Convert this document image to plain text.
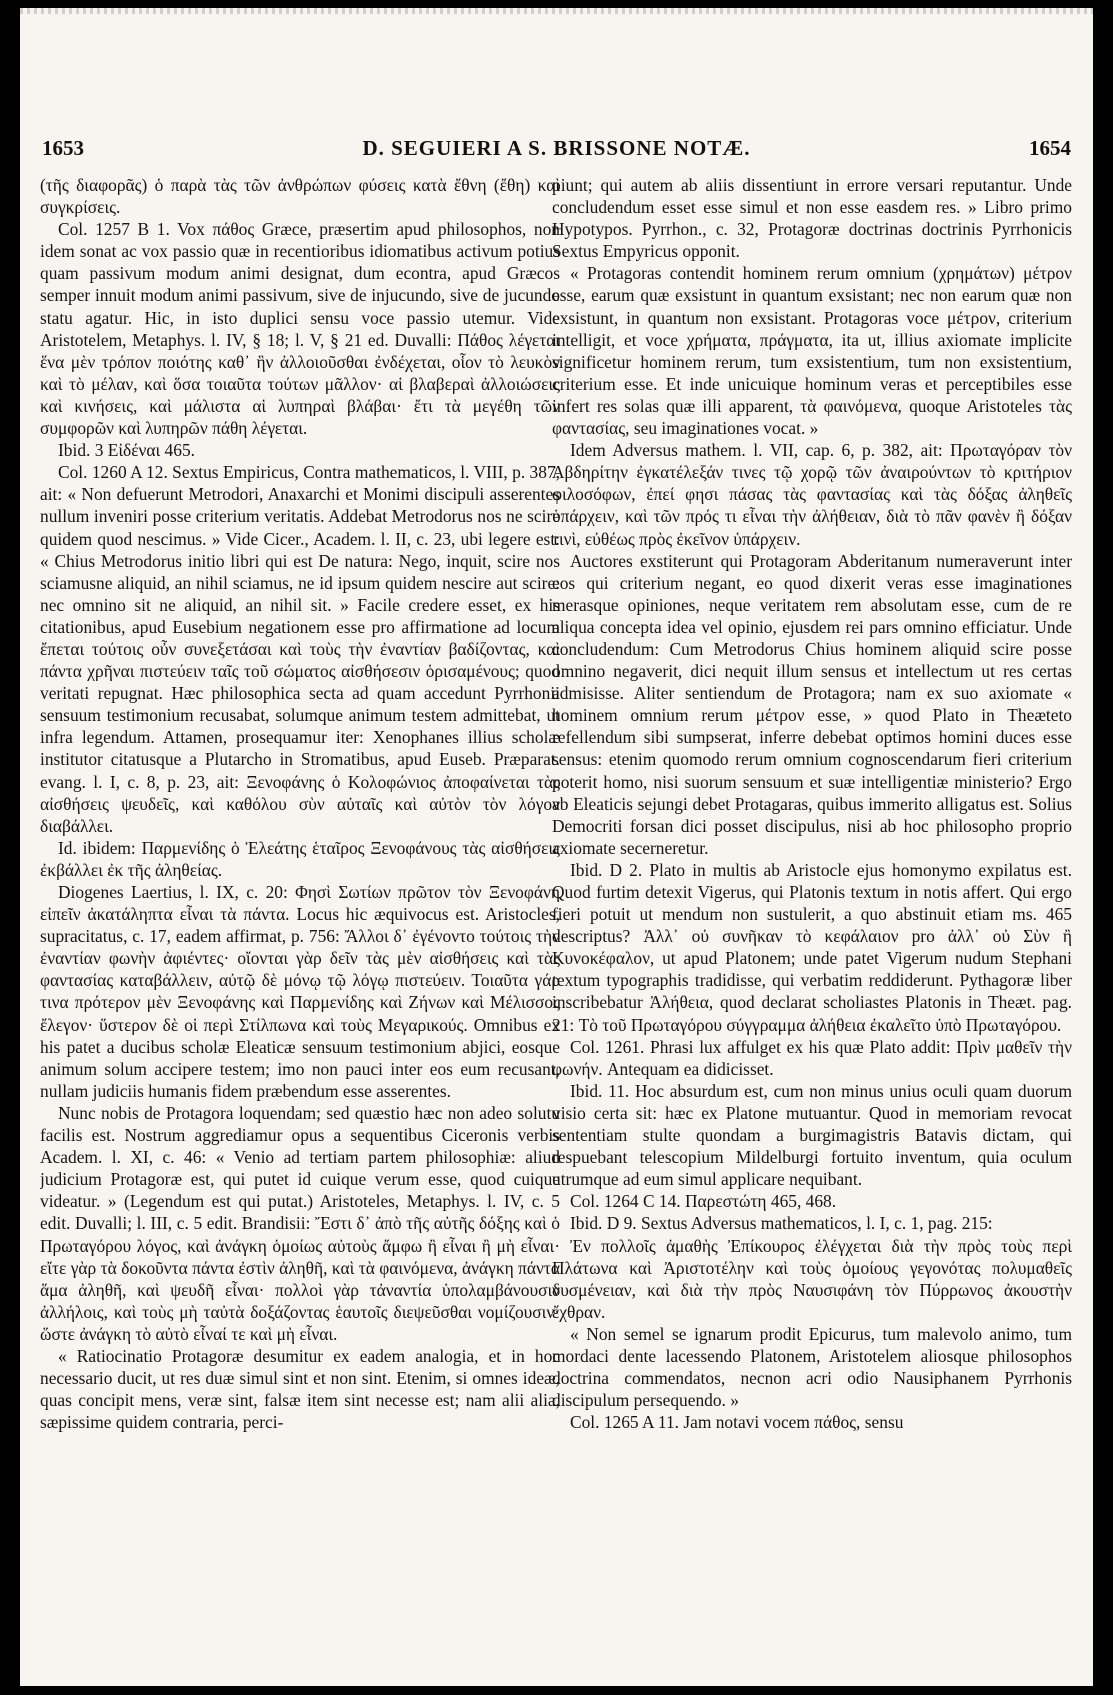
1653	D. SEGUIERI A S. BRISSONE NOTÆ.	1654

(τῆς διαφορᾶς) ὁ παρὰ τὰς τῶν ἀνθρώπων φύσεις κατὰ ἔθνη (ἔθη) καὶ συγκρίσεις.

Col. 1257 B 1. Vox πάθος Græce, præsertim apud philosophos, non idem sonat ac vox passio quæ in recentioribus idiomatibus activum potius quam passivum modum animi designat, dum econtra, apud Græcos semper innuit modum animi passivum, sive de injucundo, sive de jucundo statu agatur. Hic, in isto duplici sensu voce passio utemur. Vide Aristotelem, Metaphys. l. IV, § 18; l. V, § 21 ed. Duvalli: Πάθος λέγεται ἕνα μὲν τρόπον ποιότης καθ᾽ ἣν ἀλλοιοῦσθαι ἐνδέχεται, οἷον τὸ λευκὸν καὶ τὸ μέλαν, καὶ ὅσα τοιαῦτα τούτων μᾶλλον· αἱ βλαβεραὶ ἀλλοιώσεις καὶ κινήσεις, καὶ μάλιστα αἱ λυπηραὶ βλάβαι· ἔτι τὰ μεγέθη τῶν συμφορῶν καὶ λυπηρῶν πάθη λέγεται.

Ibid. 3 Εἰδέναι 465.

Col. 1260 A 12. Sextus Empiricus, Contra mathematicos, l. VIII, p. 387, ait: « Non defuerunt Metrodori, Anaxarchi et Monimi discipuli asserentes nullum inveniri posse criterium veritatis. Addebat Metrodorus nos ne scire quidem quod nescimus. » Vide Cicer., Academ. l. II, c. 23, ubi legere est: « Chius Metrodorus initio libri qui est De natura: Nego, inquit, scire nos sciamusne aliquid, an nihil sciamus, ne id ipsum quidem nescire aut scire: nec omnino sit ne aliquid, an nihil sit. » Facile credere esset, ex his citationibus, apud Eusebium negationem esse pro affirmatione ad locum ἔπεται τούτοις οὖν συνεξετάσαι καὶ τοὺς τὴν ἐναντίαν βαδίζοντας, καὶ πάντα χρῆναι πιστεύειν ταῖς τοῦ σώματος αἰσθήσεσιν ὁρισαμένους; quod veritati repugnat. Hæc philosophica secta ad quam accedunt Pyrrhonii sensuum testimonium recusabat, solumque animum testem admittebat, ut infra legendum. Attamen, prosequamur iter: Xenophanes illius scholæ institutor citatusque a Plutarcho in Stromatibus, apud Euseb. Præparat. evang. l. I, c. 8, p. 23, ait: Ξενοφάνης ὁ Κολοφώνιος ἀποφαίνεται τὰς αἰσθήσεις ψευδεῖς, καὶ καθόλου σὺν αὐταῖς καὶ αὐτὸν τὸν λόγον διαβάλλει.

Id. ibidem: Παρμενίδης ὁ Ἐλεάτης ἑταῖρος Ξενοφάνους τὰς αἰσθήσεις ἐκβάλλει ἐκ τῆς ἀληθείας.

Diogenes Laertius, l. IX, c. 20: Φησὶ Σωτίων πρῶτον τὸν Ξενοφάνη εἰπεῖν ἀκατάληπτα εἶναι τὰ πάντα. Locus hic æquivocus est. Aristocles, supracitatus, c. 17, eadem affirmat, p. 756: Ἄλλοι δ᾽ ἐγένοντο τούτοις τὴν ἐναντίαν φωνὴν ἀφιέντες· οἴονται γὰρ δεῖν τὰς μὲν αἰσθήσεις καὶ τὰς φαντασίας καταβάλλειν, αὐτῷ δὲ μόνῳ τῷ λόγῳ πιστεύειν. Τοιαῦτα γάρ τινα πρότερον μὲν Ξενοφάνης καὶ Παρμενίδης καὶ Ζήνων καὶ Μέλισσος ἔλεγον· ὕστερον δὲ οἱ περὶ Στίλπωνα καὶ τοὺς Μεγαρικούς. Omnibus ex his patet a ducibus scholæ Eleaticæ sensuum testimonium abjici, eosque animum solum accipere testem; imo non pauci inter eos eum recusant, nullam judiciis humanis fidem præbendum esse asserentes.

Nunc nobis de Protagora loquendam; sed quæstio hæc non adeo solutu facilis est. Nostrum aggrediamur opus a sequentibus Ciceronis verbis Academ. l. XI, c. 46: « Venio ad tertiam partem philosophiæ: aliud judicium Protagoræ est, qui putet id cuique verum esse, quod cuique videatur. » (Legendum est qui putat.) Aristoteles, Metaphys. l. IV, c. 5 edit. Duvalli; l. III, c. 5 edit. Brandisii: Ἔστι δ᾽ ἀπὸ τῆς αὐτῆς δόξης καὶ ὁ Πρωταγόρου λόγος, καὶ ἀνάγκη ὁμοίως αὐτοὺς ἄμφω ἢ εἶναι ἢ μὴ εἶναι· εἴτε γὰρ τὰ δοκοῦντα πάντα ἐστὶν ἀληθῆ, καὶ τὰ φαινόμενα, ἀνάγκη πάντα ἅμα ἀληθῆ, καὶ ψευδῆ εἶναι· πολλοὶ γὰρ τἀναντία ὑπολαμβάνουσιν ἀλλήλοις, καὶ τοὺς μὴ ταὐτὰ δοξάζοντας ἑαυτοῖς διεψεῦσθαι νομίζουσιν· ὥστε ἀνάγκη τὸ αὐτὸ εἶναί τε καὶ μὴ εἶναι.

« Ratiocinatio Protagoræ desumitur ex eadem analogia, et in hoc necessario ducit, ut res duæ simul sint et non sint. Etenim, si omnes ideæ, quas concipit mens, veræ sint, falsæ item sint necesse est; nam alii alia, sæpissime quidem contraria, perci-

piunt; qui autem ab aliis dissentiunt in errore versari reputantur. Unde concludendum esset esse simul et non esse easdem res. » Libro primo Hypotypos. Pyrrhon., c. 32, Protagoræ doctrinas doctrinis Pyrrhonicis Sextus Empyricus opponit.

« Protagoras contendit hominem rerum omnium (χρημάτων) μέτρον esse, earum quæ exsistunt in quantum exsistant; nec non earum quæ non exsistunt, in quantum non exsistant. Protagoras voce μέτρον, criterium intelligit, et voce χρήματα, πράγματα, ita ut, illius axiomate implicite significetur hominem rerum, tum exsistentium, tum non exsistentium, criterium esse. Et inde unicuique hominum veras et perceptibiles esse infert res solas quæ illi apparent, τὰ φαινόμενα, quoque Aristoteles τὰς φαντασίας, seu imaginationes vocat. »

Idem Adversus mathem. l. VII, cap. 6, p. 382, ait: Πρωταγόραν τὸν Ἀβδηρίτην ἐγκατέλεξάν τινες τῷ χορῷ τῶν ἀναιρούντων τὸ κριτήριον φιλοσόφων, ἐπεί φησι πάσας τὰς φαντασίας καὶ τὰς δόξας ἀληθεῖς ὑπάρχειν, καὶ τῶν πρός τι εἶναι τὴν ἀλήθειαν, διὰ τὸ πᾶν φανὲν ἢ δόξαν τινὶ, εὐθέως πρὸς ἐκεῖνον ὑπάρχειν.

Auctores exstiterunt qui Protagoram Abderitanum numeraverunt inter eos qui criterium negant, eo quod dixerit veras esse imaginationes merasque opiniones, neque veritatem rem absolutam esse, cum de re aliqua concepta idea vel opinio, ejusdem rei pars omnino efficiatur. Unde concludendum: Cum Metrodorus Chius hominem aliquid scire posse omnino negaverit, dici nequit illum sensus et intellectum ut res certas admisisse. Aliter sentiendum de Protagora; nam ex suo axiomate « hominem omnium rerum μέτρον esse, » quod Plato in Theæteto refellendum sibi sumpserat, inferre debebat optimos homini duces esse sensus: etenim quomodo rerum omnium cognoscendarum fieri criterium poterit homo, nisi suorum sensuum et suæ intelligentiæ ministerio? Ergo ab Eleaticis sejungi debet Protagaras, quibus immerito alligatus est. Solius Democriti forsan dici posset discipulus, nisi ab hoc philosopho proprio axiomate secerneretur.

Ibid. D 2. Plato in multis ab Aristocle ejus homonymo expilatus est. Quod furtim detexit Vigerus, qui Platonis textum in notis affert. Qui ergo fieri potuit ut mendum non sustulerit, a quo abstinuit etiam ms. 465 descriptus? Ἀλλ᾽ οὐ συνῆκαν τὸ κεφάλαιον pro ἀλλ᾽ οὐ Σὺν ἢ Κυνοκέφαλον, ut apud Platonem; unde patet Vigerum nudum Stephani textum typographis tradidisse, qui verbatim reddiderunt. Pythagoræ liber inscribebatur Ἀλήθεια, quod declarat scholiastes Platonis in Theæt. pag. 21: Τὸ τοῦ Πρωταγόρου σύγγραμμα ἀλήθεια ἐκαλεῖτο ὑπὸ Πρωταγόρου.

Col. 1261. Phrasi lux affulget ex his quæ Plato addit: Πρὶν μαθεῖν τὴν φωνήν. Antequam ea didicisset.

Ibid. 11. Hoc absurdum est, cum non minus unius oculi quam duorum visio certa sit: hæc ex Platone mutuantur. Quod in memoriam revocat sententiam stulte quondam a burgimagistris Batavis dictam, qui respuebant telescopium Mildelburgi fortuito inventum, quia oculum utrumque ad eum simul applicare nequibant.

Col. 1264 C 14. Παρεστώτη 465, 468.

Ibid. D 9. Sextus Adversus mathematicos, l. I, c. 1, pag. 215:

Ἐν πολλοῖς ἀμαθὴς Ἐπίκουρος ἐλέγχεται διὰ τὴν πρὸς τοὺς περὶ Πλάτωνα καὶ Ἀριστοτέλην καὶ τοὺς ὁμοίους γεγονότας πολυμαθεῖς δυσμένειαν, καὶ διὰ τὴν πρὸς Ναυσιφάνη τὸν Πύρρωνος ἀκουστὴν ἔχθραν.

« Non semel se ignarum prodit Epicurus, tum malevolo animo, tum mordaci dente lacessendo Platonem, Aristotelem aliosque philosophos doctrina commendatos, necnon acri odio Nausiphanem Pyrrhonis discipulum persequendo. »

Col. 1265 A 11. Jam notavi vocem πάθος, sensu
